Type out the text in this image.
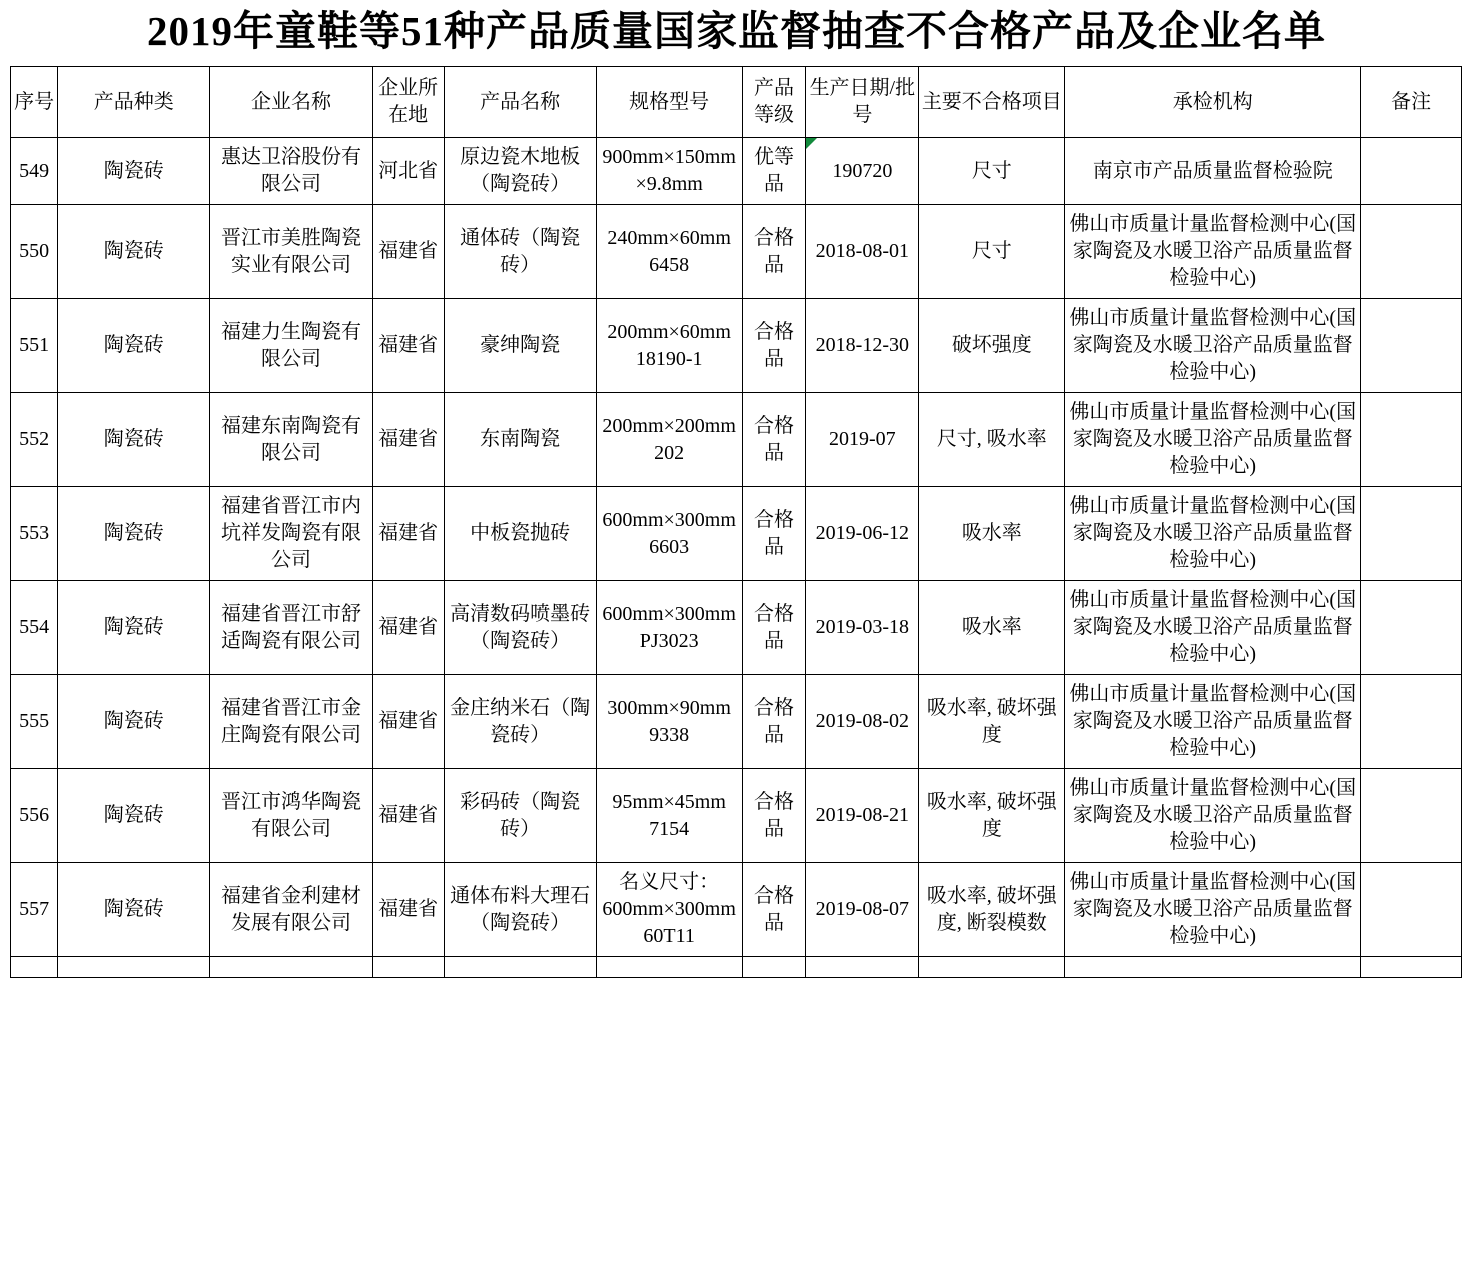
2019年童鞋等51种产品质量国家监督抽查不合格产品及企业名单
序号	产品种类	企业名称	企业所在地	产品名称	规格型号	产品等级	生产日期/批号	主要不合格项目	承检机构	备注
549	陶瓷砖	惠达卫浴股份有限公司	河北省	原边瓷木地板（陶瓷砖）	900mm×150mm×9.8mm	优等品	190720	尺寸	南京市产品质量监督检验院	
550	陶瓷砖	晋江市美胜陶瓷实业有限公司	福建省	通体砖（陶瓷砖）	240mm×60mm 6458	合格品	2018-08-01	尺寸	佛山市质量计量监督检测中心(国家陶瓷及水暖卫浴产品质量监督检验中心)	
551	陶瓷砖	福建力生陶瓷有限公司	福建省	豪绅陶瓷	200mm×60mm 18190-1	合格品	2018-12-30	破坏强度	佛山市质量计量监督检测中心(国家陶瓷及水暖卫浴产品质量监督检验中心)	
552	陶瓷砖	福建东南陶瓷有限公司	福建省	东南陶瓷	200mm×200mm 202	合格品	2019-07	尺寸, 吸水率	佛山市质量计量监督检测中心(国家陶瓷及水暖卫浴产品质量监督检验中心)	
553	陶瓷砖	福建省晋江市内坑祥发陶瓷有限公司	福建省	中板瓷抛砖	600mm×300mm 6603	合格品	2019-06-12	吸水率	佛山市质量计量监督检测中心(国家陶瓷及水暖卫浴产品质量监督检验中心)	
554	陶瓷砖	福建省晋江市舒适陶瓷有限公司	福建省	高清数码喷墨砖（陶瓷砖）	600mm×300mm PJ3023	合格品	2019-03-18	吸水率	佛山市质量计量监督检测中心(国家陶瓷及水暖卫浴产品质量监督检验中心)	
555	陶瓷砖	福建省晋江市金庄陶瓷有限公司	福建省	金庄纳米石（陶瓷砖）	300mm×90mm 9338	合格品	2019-08-02	吸水率, 破坏强度	佛山市质量计量监督检测中心(国家陶瓷及水暖卫浴产品质量监督检验中心)	
556	陶瓷砖	晋江市鸿华陶瓷有限公司	福建省	彩码砖（陶瓷砖）	95mm×45mm 7154	合格品	2019-08-21	吸水率, 破坏强度	佛山市质量计量监督检测中心(国家陶瓷及水暖卫浴产品质量监督检验中心)	
557	陶瓷砖	福建省金利建材发展有限公司	福建省	通体布料大理石（陶瓷砖）	名义尺寸：600mm×300mm 60T11	合格品	2019-08-07	吸水率, 破坏强度, 断裂模数	佛山市质量计量监督检测中心(国家陶瓷及水暖卫浴产品质量监督检验中心)	
